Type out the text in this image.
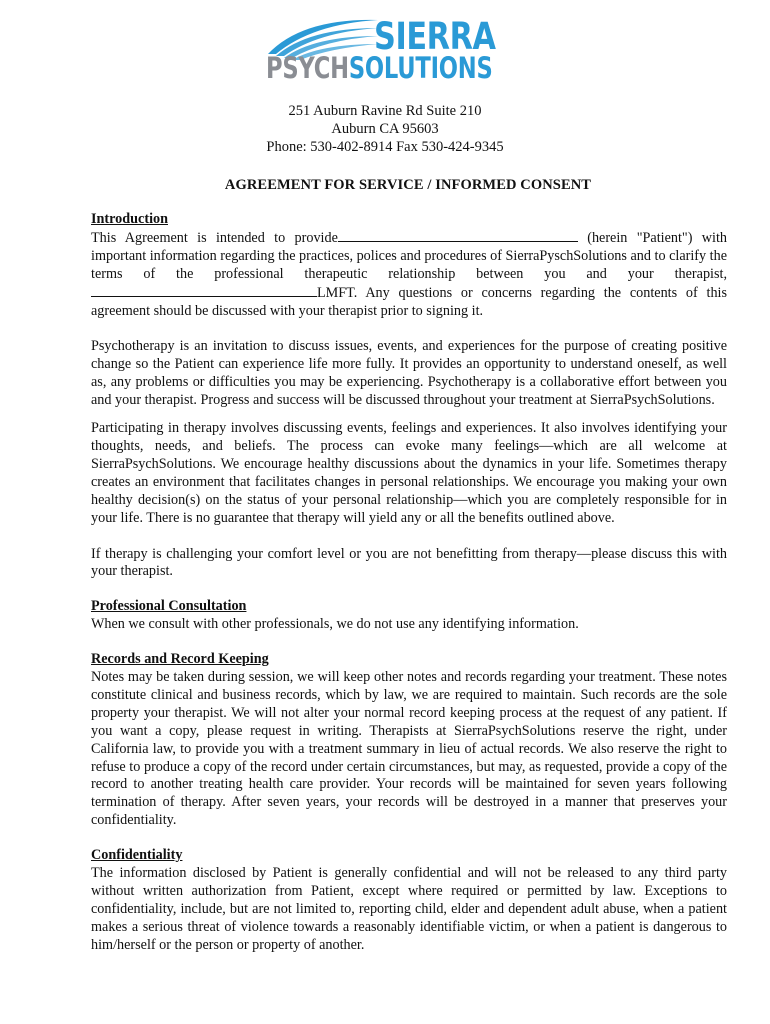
SIERRA
PSYCHSOLUTIONS
251 Auburn Ravine Rd Suite 210
Auburn CA 95603
Phone: 530-402-8914 Fax 530-424-9345
AGREEMENT FOR SERVICE / INFORMED CONSENT

Introduction

This Agreement is intended to provide	(herein "Patient") with important information regarding the practices, polices and procedures of SierraPyschSolutions and to clarify the terms of the professional therapeutic relationship between you and your therapist, LMFT. Any questions or concerns regarding the contents of this agreement should be discussed with your therapist prior to signing it.

Psychotherapy is an invitation to discuss issues, events, and experiences for the purpose of creating positive change so the Patient can experience life more fully. It provides an opportunity to understand oneself, as well as, any problems or difficulties you may be experiencing. Psychotherapy is a collaborative effort between you and your therapist. Progress and success will be discussed throughout your treatment at SierraPsychSolutions.

Participating in therapy involves discussing events, feelings and experiences. It also involves identifying your thoughts, needs, and beliefs. The process can evoke many feelings—which are all welcome at SierraPsychSolutions. We encourage healthy discussions about the dynamics in your life. Sometimes therapy creates an environment that facilitates changes in personal relationships. We encourage you making your own healthy decision(s) on the status of your personal relationship—which you are completely responsible for in your life. There is no guarantee that therapy will yield any or all the benefits outlined above.

If therapy is challenging your comfort level or you are not benefitting from therapy—please discuss this with your therapist.

Professional Consultation

When we consult with other professionals, we do not use any identifying information.

Records and Record Keeping

Notes may be taken during session, we will keep other notes and records regarding your treatment. These notes constitute clinical and business records, which by law, we are required to maintain. Such records are the sole property your therapist. We will not alter your normal record keeping process at the request of any patient. If you want a copy, please request in writing. Therapists at SierraPsychSolutions reserve the right, under California law, to provide you with a treatment summary in lieu of actual records. We also reserve the right to refuse to produce a copy of the record under certain circumstances, but may, as requested, provide a copy of the record to another treating health care provider. Your records will be maintained for seven years following termination of therapy. After seven years, your records will be destroyed in a manner that preserves your confidentiality.

Confidentiality

The information disclosed by Patient is generally confidential and will not be released to any third party without written authorization from Patient, except where required or permitted by law. Exceptions to confidentiality, include, but are not limited to, reporting child, elder and dependent adult abuse, when a patient makes a serious threat of violence towards a reasonably identifiable victim, or when a patient is dangerous to him/herself or the person or property of another.
